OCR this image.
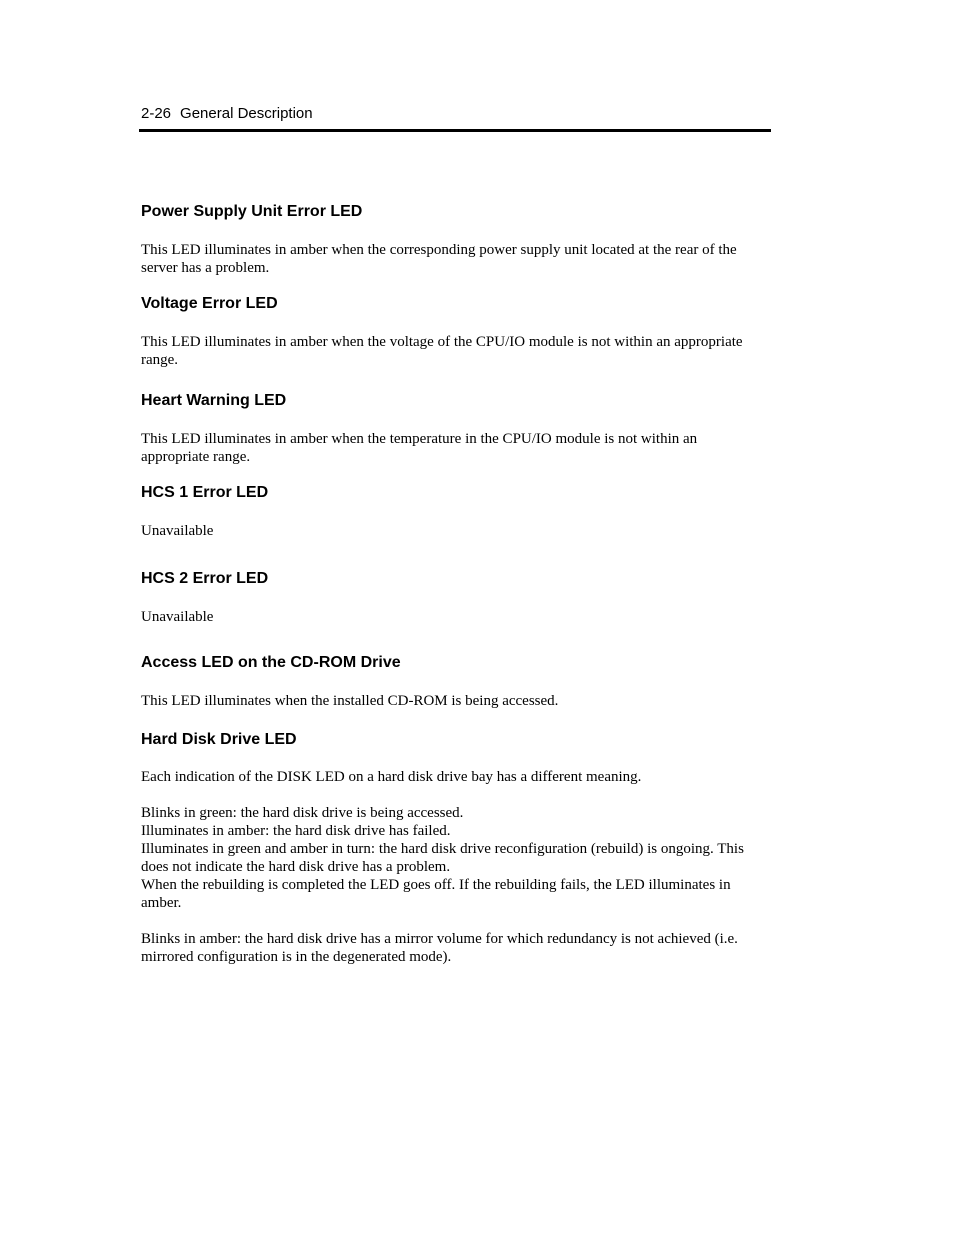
2-26 General Description
Power Supply Unit Error LED

This LED illuminates in amber when the corresponding power supply unit located at the rear of the
server has a problem.

Voltage Error LED

This LED illuminates in amber when the voltage of the CPU/IO module is not within an appropriate
range.

Heart Warning LED

This LED illuminates in amber when the temperature in the CPU/IO module is not within an
appropriate range.

HCS 1 Error LED

Unavailable

HCS 2 Error LED

Unavailable

Access LED on the CD-ROM Drive

This LED illuminates when the installed CD-ROM is being accessed.

Hard Disk Drive LED

Each indication of the DISK LED on a hard disk drive bay has a different meaning.

Blinks in green: the hard disk drive is being accessed.
Illuminates in amber: the hard disk drive has failed.
Illuminates in green and amber in turn: the hard disk drive reconfiguration (rebuild) is ongoing. This
does not indicate the hard disk drive has a problem.
When the rebuilding is completed the LED goes off. If the rebuilding fails, the LED illuminates in
amber.

Blinks in amber: the hard disk drive has a mirror volume for which redundancy is not achieved (i.e.
mirrored configuration is in the degenerated mode).
